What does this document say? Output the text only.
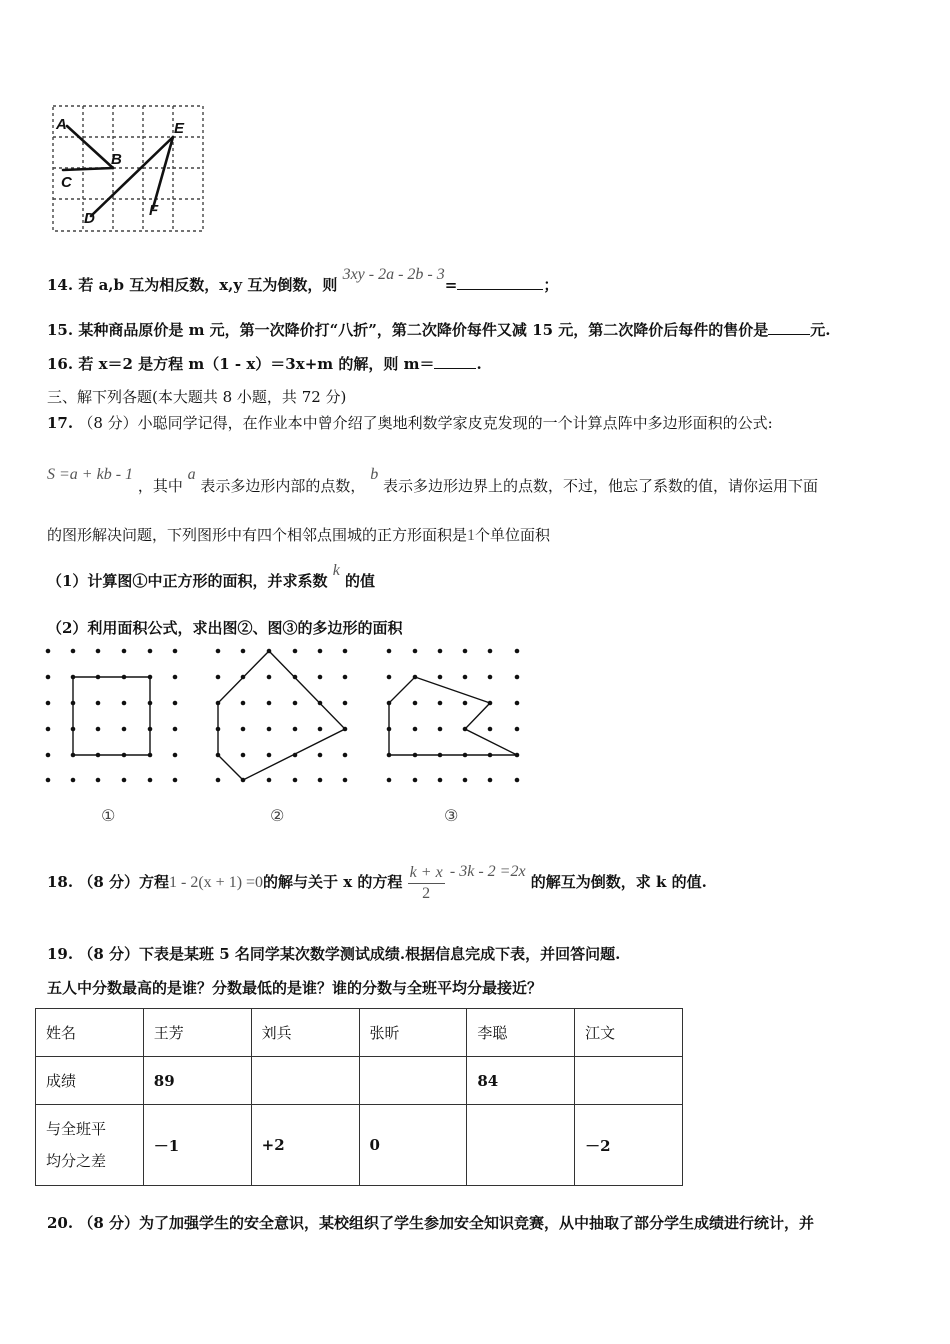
A
B
C
D
E
F
14. 若 a,b 互为相反数，x,y 互为倒数，则 3xy - 2a - 2b - 3=	；
15. 某种商品原价是 m 元，第一次降价打“八折”，第二次降价每件又减 15 元，第二次降价后每件的售价是	元.
16. 若 x＝2 是方程 m（1 - x）＝3x+m 的解，则 m＝	.
三、解下列各题(本大题共 8 小题，共 72 分)
17. （8 分）小聪同学记得，在作业本中曾介绍了奥地利数学家皮克发现的一个计算点阵中多边形面积的公式:
S =a + kb - 1 ，其中 a 表示多边形内部的点数， b 表示多边形边界上的点数，不过，他忘了系数的值，请你运用下面
的图形解决问题，下列图形中有四个相邻点围城的正方形面积是1个单位面积
（1）计算图①中正方形的面积，并求系数 k 的值
（2）利用面积公式，求出图②、图③的多边形的面积
①	②	③
18. （8 分）方程1 - 2(x + 1) =0的解与关于 x 的方程 $\frac{k + x}{2} - 3k - 2 =2x$ 的解互为倒数，求 k 的值.
19. （8 分）下表是某班 5 名同学某次数学测试成绩.根据信息完成下表，并回答问题.
五人中分数最高的是谁？分数最低的是谁？谁的分数与全班平均分最接近？
姓名	王芳	刘兵	张昕	李聪	江文
成绩	89			84	
与全班平
均分之差	－1	+2	0		－2
20. （8 分）为了加强学生的安全意识，某校组织了学生参加安全知识竞赛，从中抽取了部分学生成绩进行统计，并
